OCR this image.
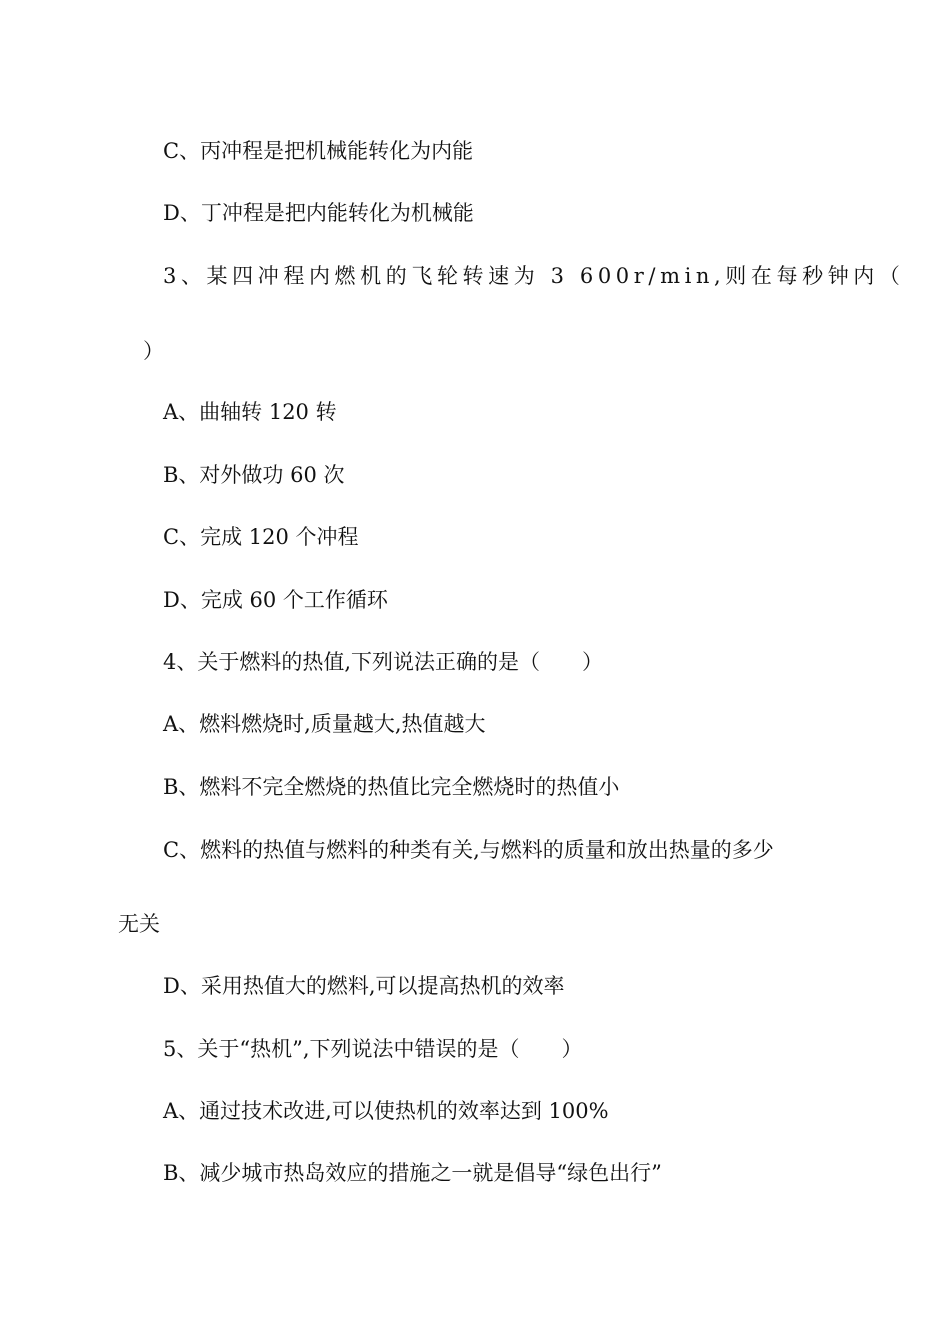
C、丙冲程是把机械能转化为内能

D、丁冲程是把内能转化为机械能

3、某四冲程内燃机的飞轮转速为 3 600r/min,则在每秒钟内（

）

A、曲轴转 120 转

B、对外做功 60 次

C、完成 120 个冲程

D、完成 60 个工作循环

4、关于燃料的热值,下列说法正确的是（　　）

A、燃料燃烧时,质量越大,热值越大

B、燃料不完全燃烧的热值比完全燃烧时的热值小

C、燃料的热值与燃料的种类有关,与燃料的质量和放出热量的多少

无关

D、采用热值大的燃料,可以提高热机的效率

5、关于“热机”,下列说法中错误的是（　　）

A、通过技术改进,可以使热机的效率达到 100%

B、减少城市热岛效应的措施之一就是倡导“绿色出行”
